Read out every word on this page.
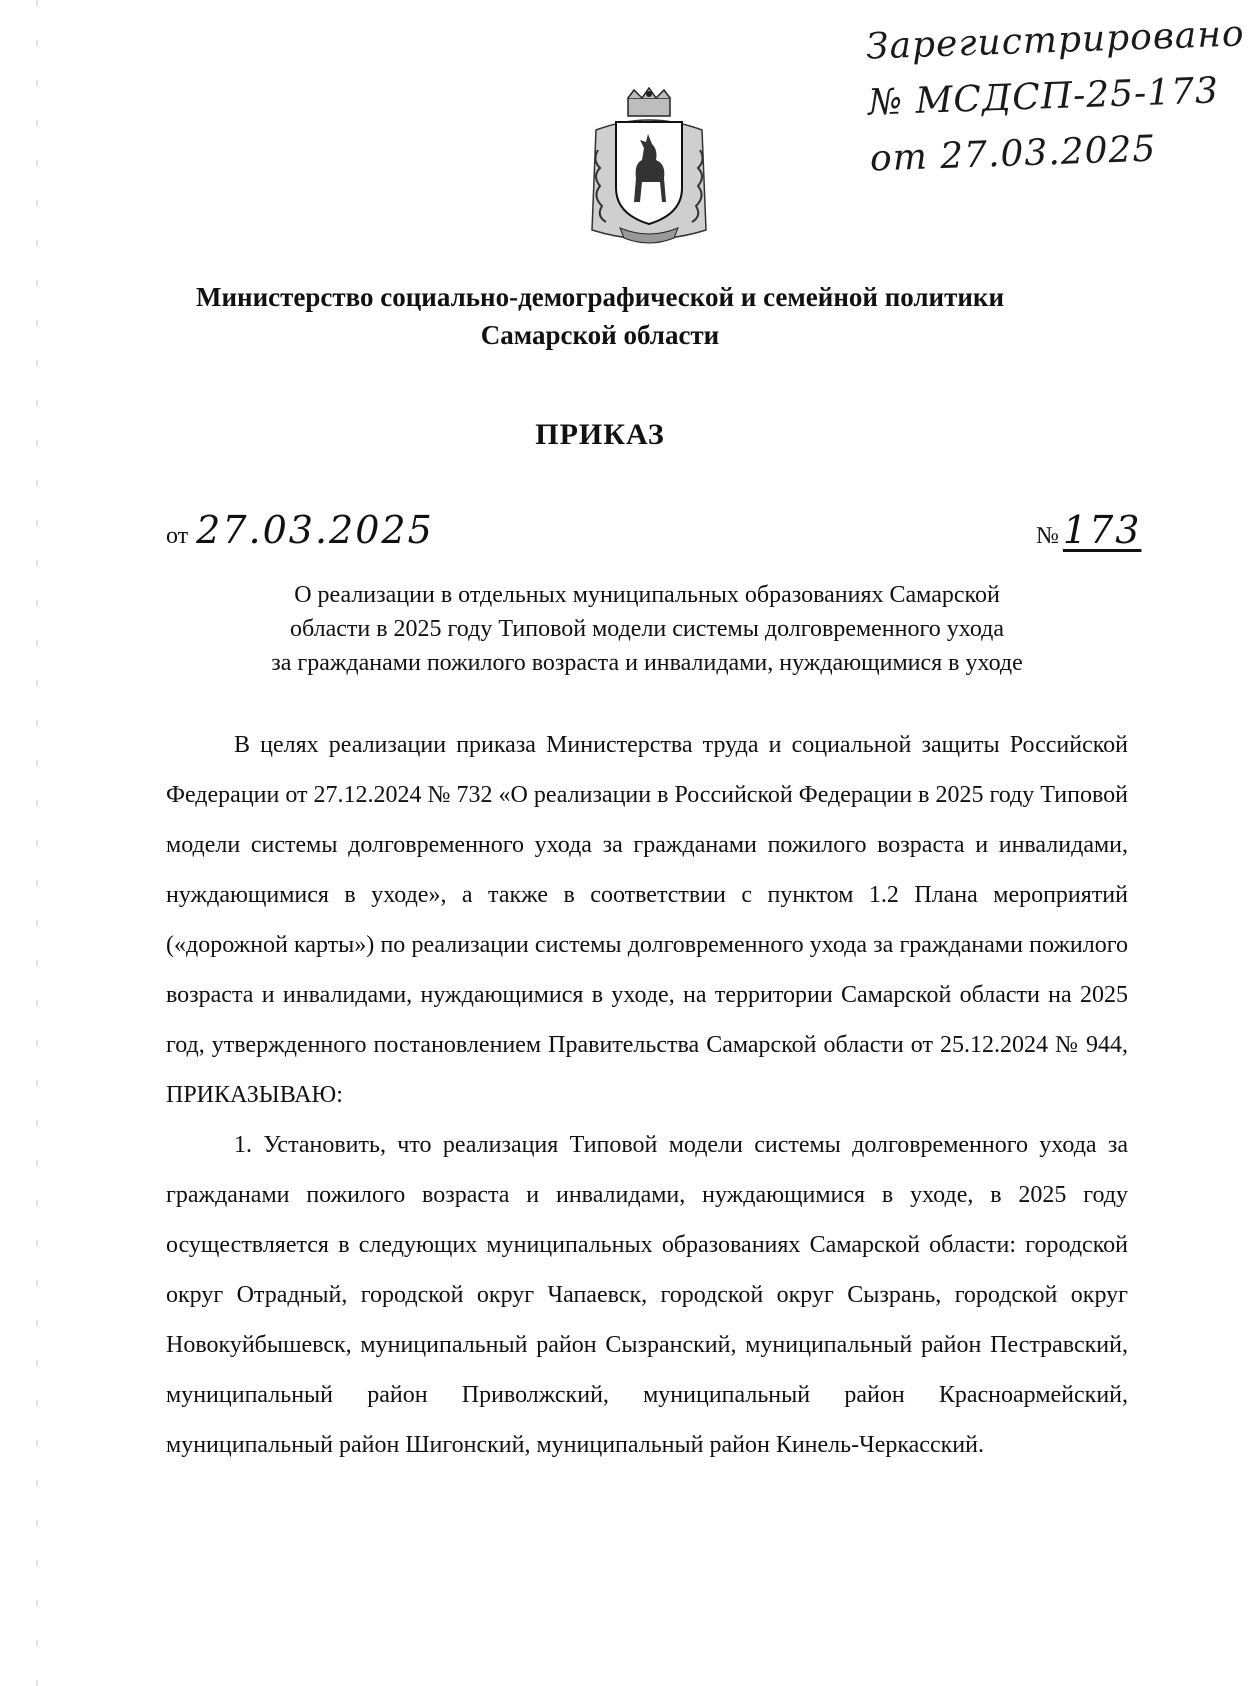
Зарегистрировано
№ МСДСП-25-173
от 27.03.2025
Министерство социально-демографической и семейной политики
Самарской области
ПРИКАЗ
от 27.03.2025	№ 173
О реализации в отдельных муниципальных образованиях Самарской
области в 2025 году Типовой модели системы долговременного ухода
за гражданами пожилого возраста и инвалидами, нуждающимися в уходе

В целях реализации приказа Министерства труда и социальной защиты Российской Федерации от 27.12.2024 № 732 «О реализации в Российской Федерации в 2025 году Типовой модели системы долговременного ухода за гражданами пожилого возраста и инвалидами, нуждающимися в уходе», а также в соответствии с пунктом 1.2 Плана мероприятий («дорожной карты») по реализации системы долговременного ухода за гражданами пожилого возраста и инвалидами, нуждающимися в уходе, на территории Самарской области на 2025 год, утвержденного постановлением Правительства Самарской области от 25.12.2024 № 944, ПРИКАЗЫВАЮ:

1. Установить, что реализация Типовой модели системы долговременного ухода за гражданами пожилого возраста и инвалидами, нуждающимися в уходе, в 2025 году осуществляется в следующих муниципальных образованиях Самарской области: городской округ Отрадный, городской округ Чапаевск, городской округ Сызрань, городской округ Новокуйбышевск, муниципальный район Сызранский, муниципальный район Пестравский, муниципальный район Приволжский, муниципальный район Красноармейский, муниципальный район Шигонский, муниципальный район Кинель-Черкасский.
